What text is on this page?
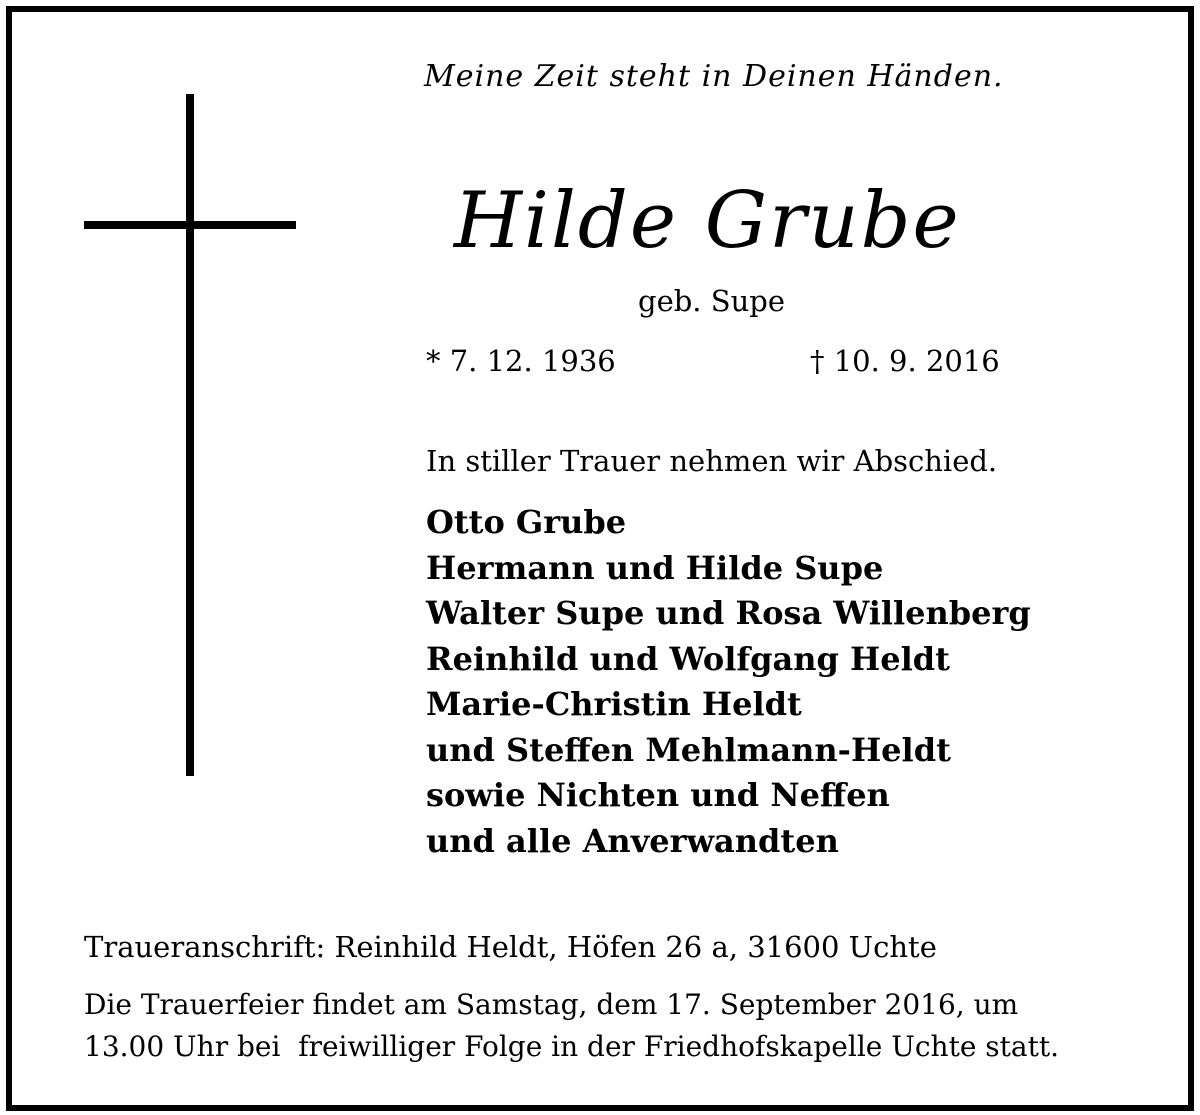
Meine Zeit steht in Deinen Händen.
Hilde Grube
geb. Supe
* 7. 12. 1936	† 10. 9. 2016
In stiller Trauer nehmen wir Abschied.
Otto Grube
Hermann und Hilde Supe
Walter Supe und Rosa Willenberg
Reinhild und Wolfgang Heldt
Marie-Christin Heldt
und Steffen Mehlmann-Heldt
sowie Nichten und Neffen
und alle Anverwandten
Traueranschrift: Reinhild Heldt, Höfen 26 a, 31600 Uchte
Die Trauerfeier findet am Samstag, dem 17. September 2016, um
13.00 Uhr bei  freiwilliger Folge in der Friedhofskapelle Uchte statt.
